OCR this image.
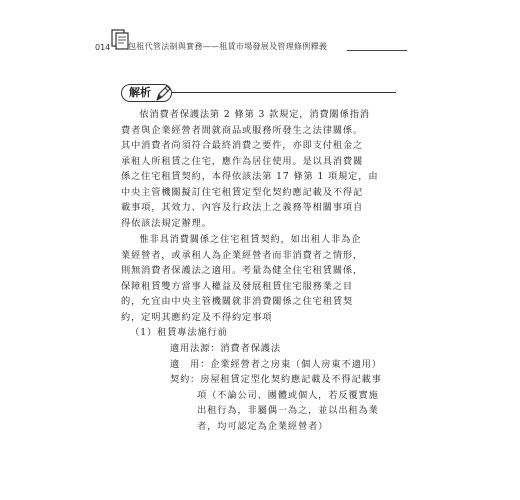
014 包租代管法制與實務——租賃市場發展及管理條例釋義
解析
依消費者保護法第 2 條第 3 款規定，消費關係指消
費者與企業經營者間就商品或服務所發生之法律關係。
其中消費者尚須符合最終消費之要件，亦即支付租金之
承租人所租賃之住宅，應作為居住使用。是以具消費關
係之住宅租賃契約，本得依該法第 17 條第 1 項規定，由
中央主管機關擬訂住宅租賃定型化契約應記載及不得記
載事項，其效力、內容及行政法上之義務等相關事項自
得依該法規定辦理。
惟非具消費關係之住宅租賃契約，如出租人非為企
業經營者，或承租人為企業經營者而非消費者之情形，
則無消費者保護法之適用。考量為健全住宅租賃關係，
保障租賃雙方當事人權益及發展租賃住宅服務業之目
的，允宜由中央主管機關就非消費關係之住宅租賃契
約，定明其應約定及不得約定事項
（1）租賃專法施行前
適用法源：消費者保護法
適　用：企業經營者之房東（個人房東不適用）
契約：房屋租賃定型化契約應記載及不得記載事
項（不論公司、團體或個人，若反覆實施
出租行為，非屬偶一為之，並以出租為業
者，均可認定為企業經營者）
